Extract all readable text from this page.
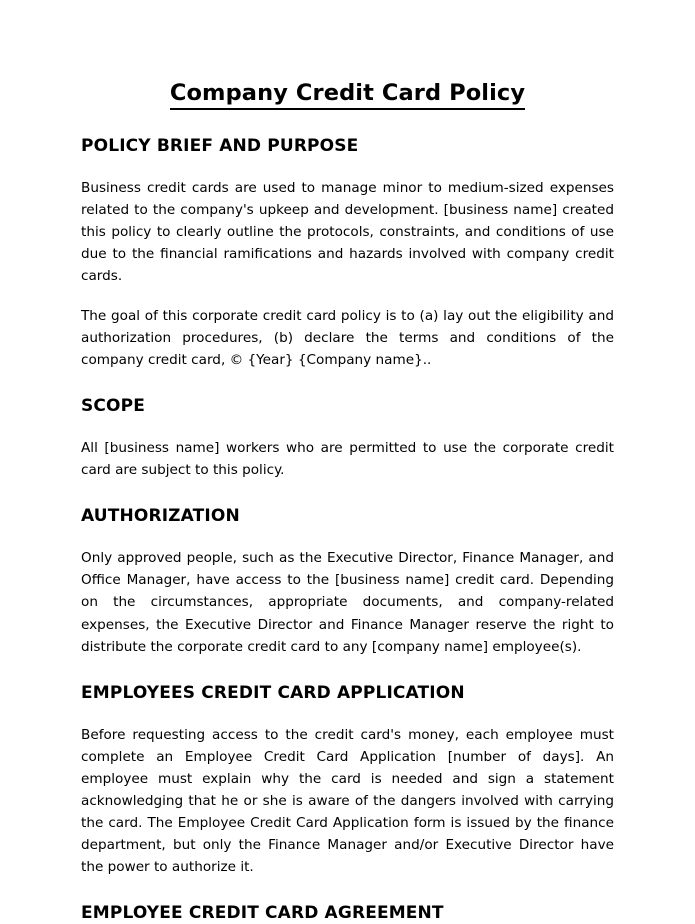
Company Credit Card Policy
POLICY BRIEF AND PURPOSE

Business credit cards are used to manage minor to medium-sized expenses related to the company's upkeep and development. [business name] created this policy to clearly outline the protocols, constraints, and conditions of use due to the financial ramifications and hazards involved with company credit cards.

The goal of this corporate credit card policy is to (a) lay out the eligibility and authorization procedures, (b) declare the terms and conditions of the company credit card, © {Year} {Company name}..

SCOPE

All [business name] workers who are permitted to use the corporate credit card are subject to this policy.

AUTHORIZATION

Only approved people, such as the Executive Director, Finance Manager, and Office Manager, have access to the [business name] credit card. Depending on the circumstances, appropriate documents, and company-related expenses, the Executive Director and Finance Manager reserve the right to distribute the corporate credit card to any [company name] employee(s).

EMPLOYEES CREDIT CARD APPLICATION

Before requesting access to the credit card's money, each employee must complete an Employee Credit Card Application [number of days]. An employee must explain why the card is needed and sign a statement acknowledging that he or she is aware of the dangers involved with carrying the card. The Employee Credit Card Application form is issued by the finance department, but only the Finance Manager and/or Executive Director have the power to authorize it.

EMPLOYEE CREDIT CARD AGREEMENT
